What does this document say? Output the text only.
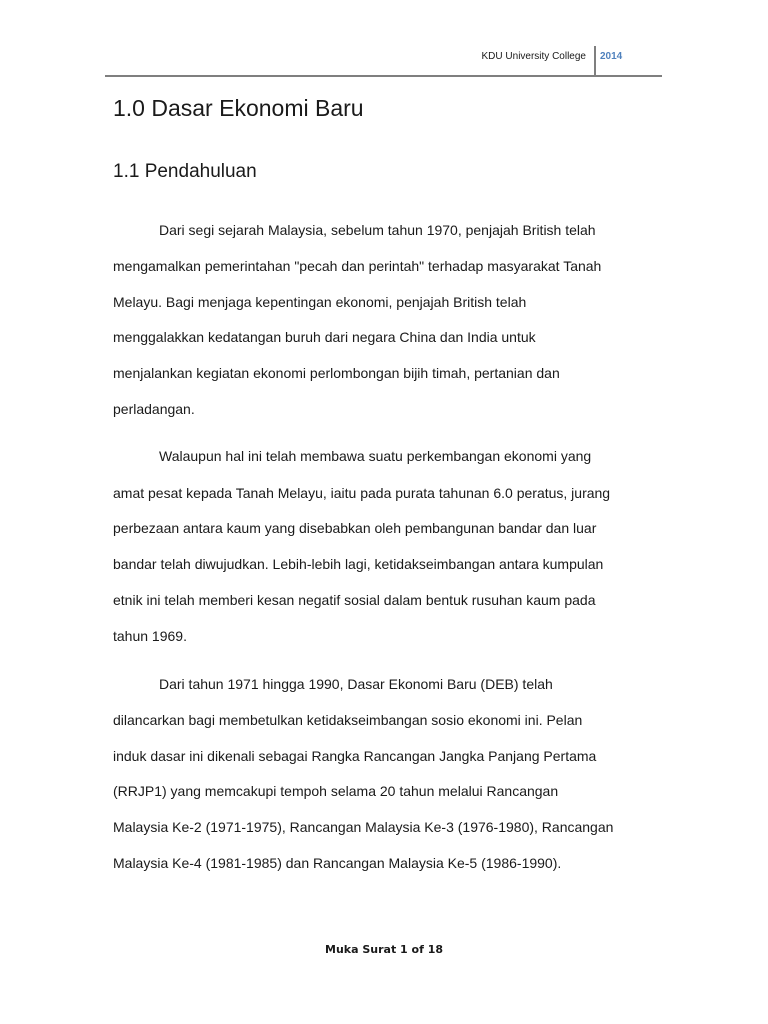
KDU University College 2014
1.0 Dasar Ekonomi Baru
1.1 Pendahuluan
Dari segi sejarah Malaysia, sebelum tahun 1970, penjajah British telah
mengamalkan pemerintahan "pecah dan perintah" terhadap masyarakat Tanah
Melayu. Bagi menjaga kepentingan ekonomi, penjajah British telah
menggalakkan kedatangan buruh dari negara China dan India untuk
menjalankan kegiatan ekonomi perlombongan bijih timah, pertanian dan
perladangan.
Walaupun hal ini telah membawa suatu perkembangan ekonomi yang
amat pesat kepada Tanah Melayu, iaitu pada purata tahunan 6.0 peratus, jurang
perbezaan antara kaum yang disebabkan oleh pembangunan bandar dan luar
bandar telah diwujudkan. Lebih-lebih lagi, ketidakseimbangan antara kumpulan
etnik ini telah memberi kesan negatif sosial dalam bentuk rusuhan kaum pada
tahun 1969.
Dari tahun 1971 hingga 1990, Dasar Ekonomi Baru (DEB) telah
dilancarkan bagi membetulkan ketidakseimbangan sosio ekonomi ini. Pelan
induk dasar ini dikenali sebagai Rangka Rancangan Jangka Panjang Pertama
(RRJP1) yang memcakupi tempoh selama 20 tahun melalui Rancangan
Malaysia Ke-2 (1971-1975), Rancangan Malaysia Ke-3 (1976-1980), Rancangan
Malaysia Ke-4 (1981-1985) dan Rancangan Malaysia Ke-5 (1986-1990).
Muka Surat 1 of 18
